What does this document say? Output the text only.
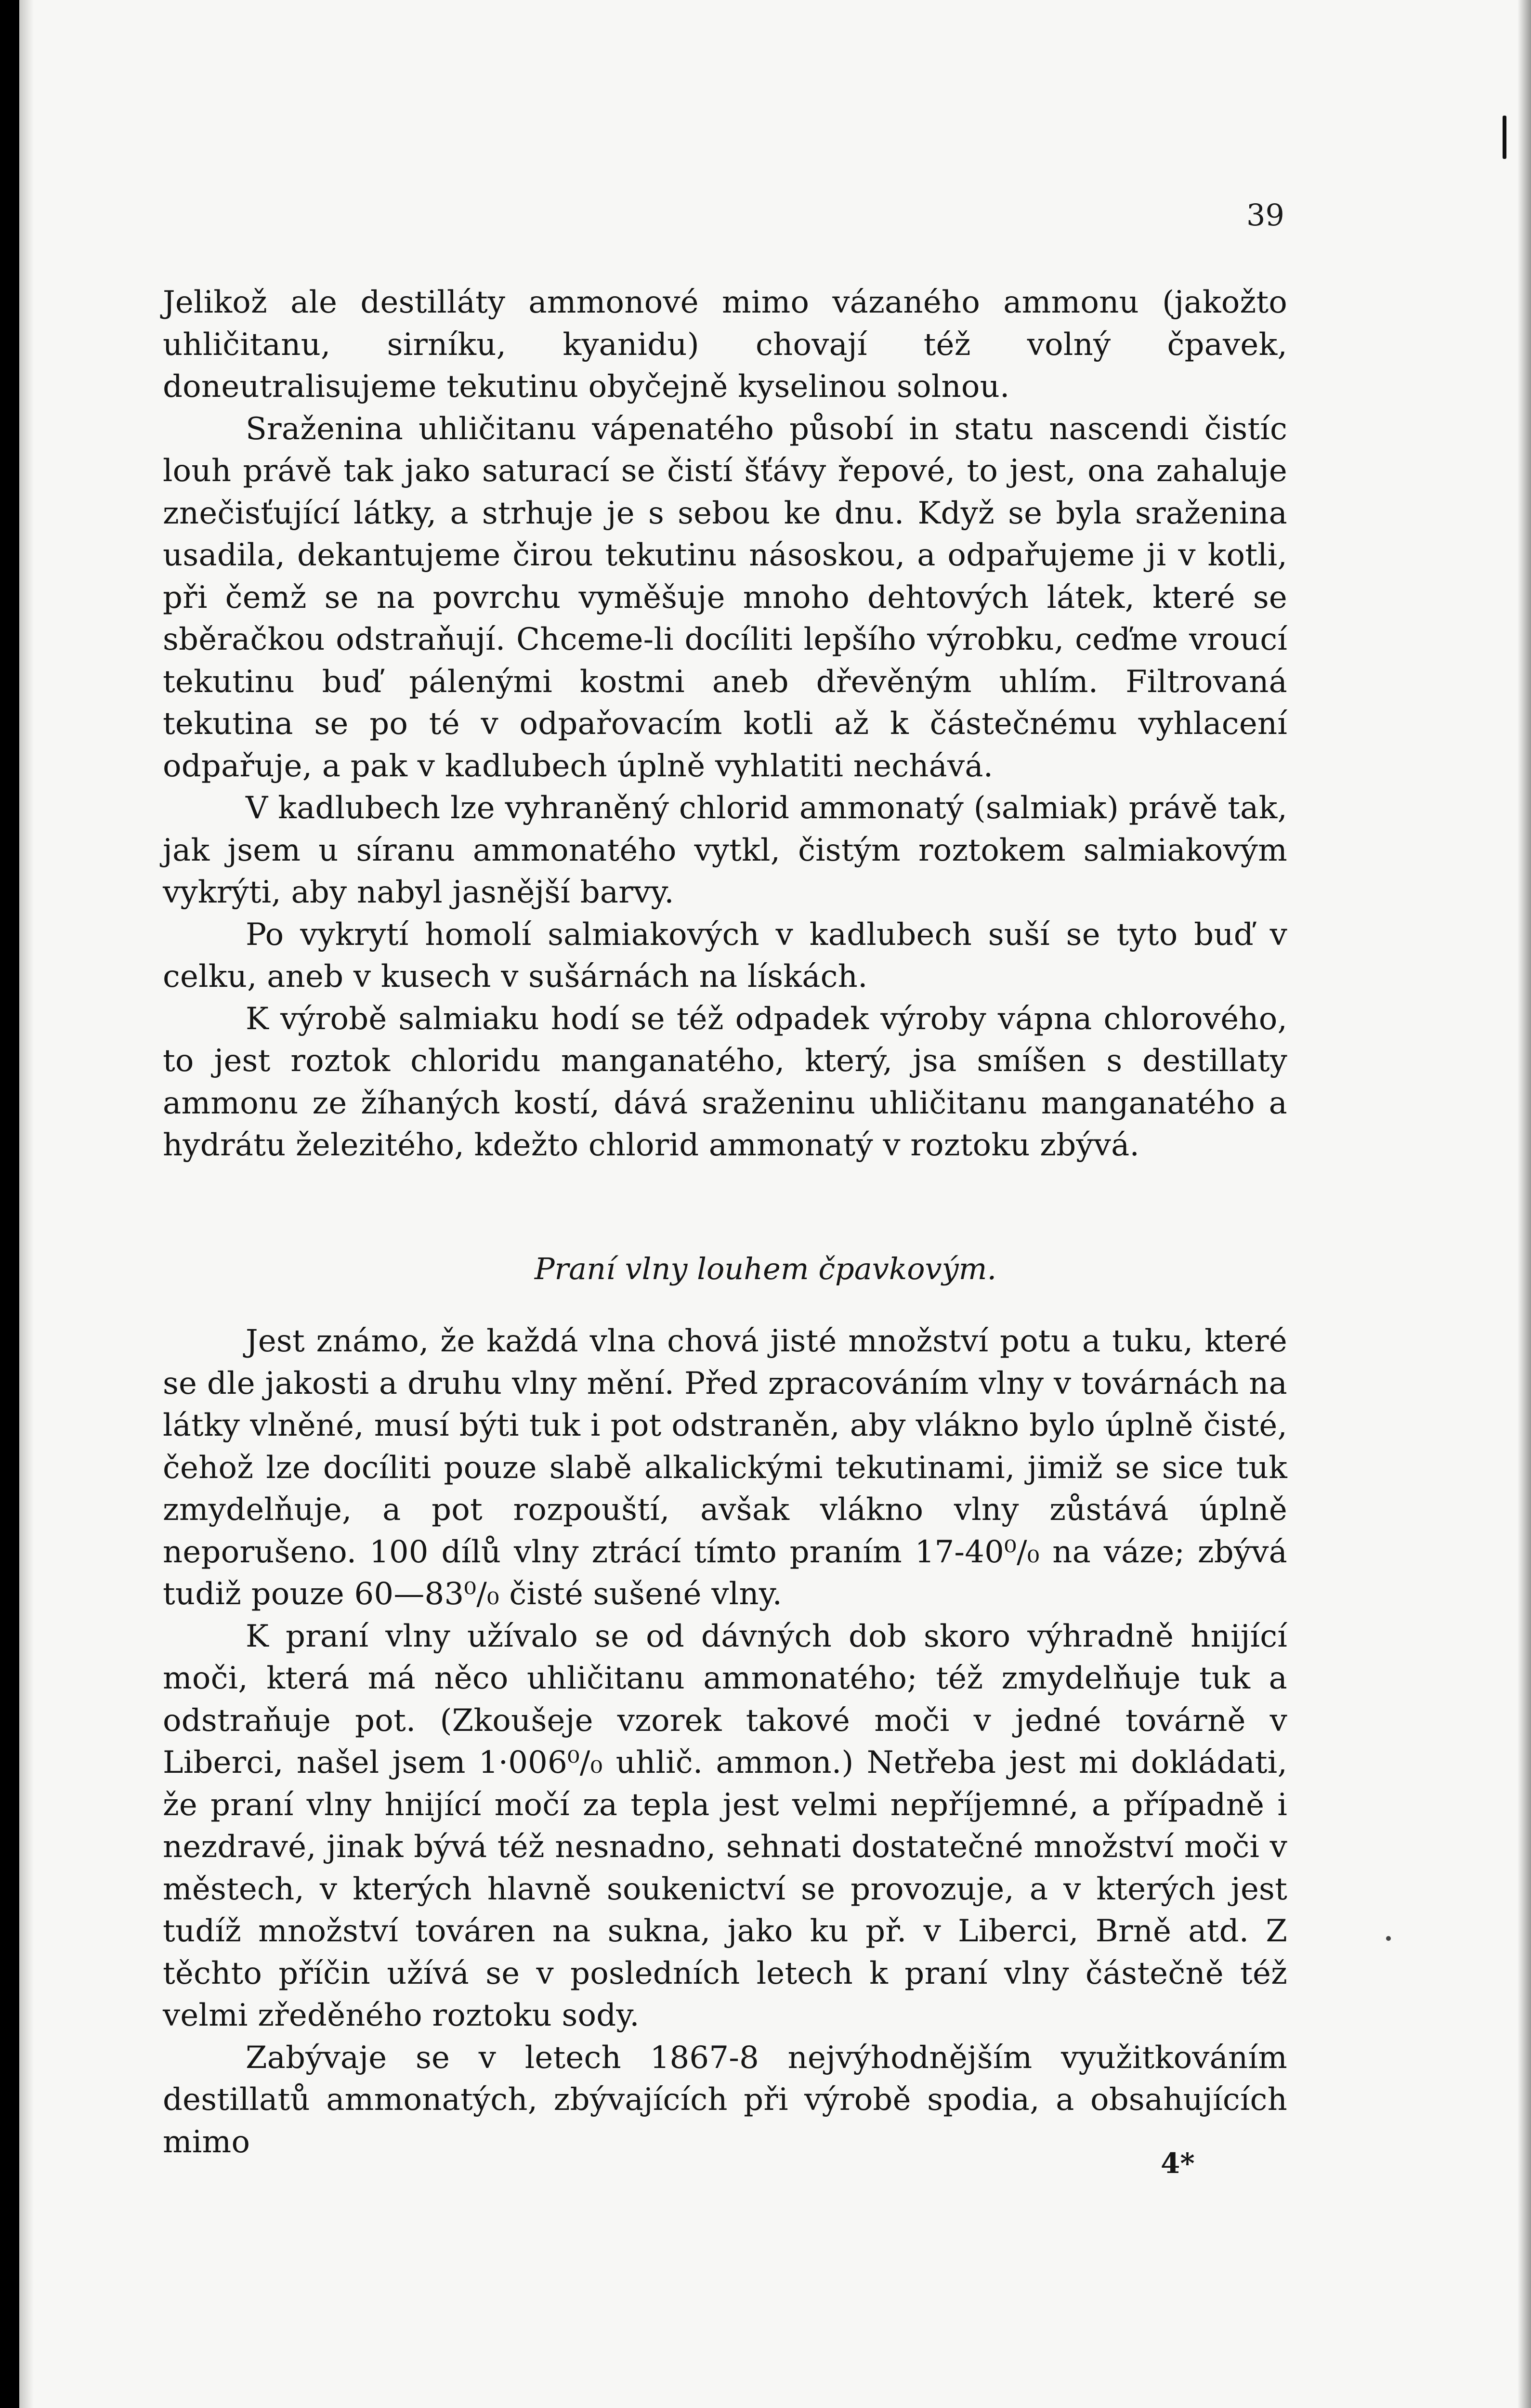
39

Jelikož ale destilláty ammonové mimo vázaného ammonu (jakožto uhličitanu, sirníku, kyanidu) chovají též volný čpavek, doneutralisujeme tekutinu obyčejně kyselinou solnou.

Sraženina uhličitanu vápenatého působí in statu nascendi čistíc louh právě tak jako saturací se čistí šťávy řepové, to jest, ona zahaluje znečisťující látky, a strhuje je s sebou ke dnu. Když se byla sraženina usadila, dekantujeme čirou tekutinu násoskou, a odpařujeme ji v kotli, při čemž se na povrchu vyměšuje mnoho dehtových látek, které se sběračkou odstraňují. Chceme-li docíliti lepšího výrobku, ceďme vroucí tekutinu buď pálenými kostmi aneb dřevěným uhlím. Filtrovaná tekutina se po té v odpařovacím kotli až k částečnému vyhlacení odpařuje, a pak v kadlubech úplně vyhlatiti nechává.

V kadlubech lze vyhraněný chlorid ammonatý (salmiak) právě tak, jak jsem u síranu ammonatého vytkl, čistým roztokem salmiakovým vykrýti, aby nabyl jasnější barvy.

Po vykrytí homolí salmiakových v kadlubech suší se tyto buď v celku, aneb v kusech v sušárnách na lískách.

K výrobě salmiaku hodí se též odpadek výroby vápna chlorového, to jest roztok chloridu manganatého, který, jsa smíšen s destillaty ammonu ze žíhaných kostí, dává sraženinu uhličitanu manganatého a hydrátu železitého, kdežto chlorid ammonatý v roztoku zbývá.

Praní vlny louhem čpavkovým.

Jest známo, že každá vlna chová jisté množství potu a tuku, které se dle jakosti a druhu vlny mění. Před zpracováním vlny v továrnách na látky vlněné, musí býti tuk i pot odstraněn, aby vlákno bylo úplně čisté, čehož lze docíliti pouze slabě alkalickými tekutinami, jimiž se sice tuk zmydelňuje, a pot rozpouští, avšak vlákno vlny zůstává úplně neporušeno. 100 dílů vlny ztrácí tímto praním 17-40⁰/₀ na váze; zbývá tudiž pouze 60—83⁰/₀ čisté sušené vlny.

K praní vlny užívalo se od dávných dob skoro výhradně hnijící moči, která má něco uhličitanu ammonatého; též zmydelňuje tuk a odstraňuje pot. (Zkoušeje vzorek takové moči v jedné továrně v Liberci, našel jsem 1·006⁰/₀ uhlič. ammon.) Netřeba jest mi dokládati, že praní vlny hnijící močí za tepla jest velmi nepříjemné, a případně i nezdravé, jinak bývá též nesnadno, sehnati dostatečné množství moči v městech, v kterých hlavně soukenictví se provozuje, a v kterých jest tudíž množství továren na sukna, jako ku př. v Liberci, Brně atd. Z těchto příčin užívá se v posledních letech k praní vlny částečně též velmi zředěného roztoku sody.

Zabývaje se v letech 1867-8 nejvýhodnějším využitkováním destillatů ammonatých, zbývajících při výrobě spodia, a obsahujících mimo

4*
